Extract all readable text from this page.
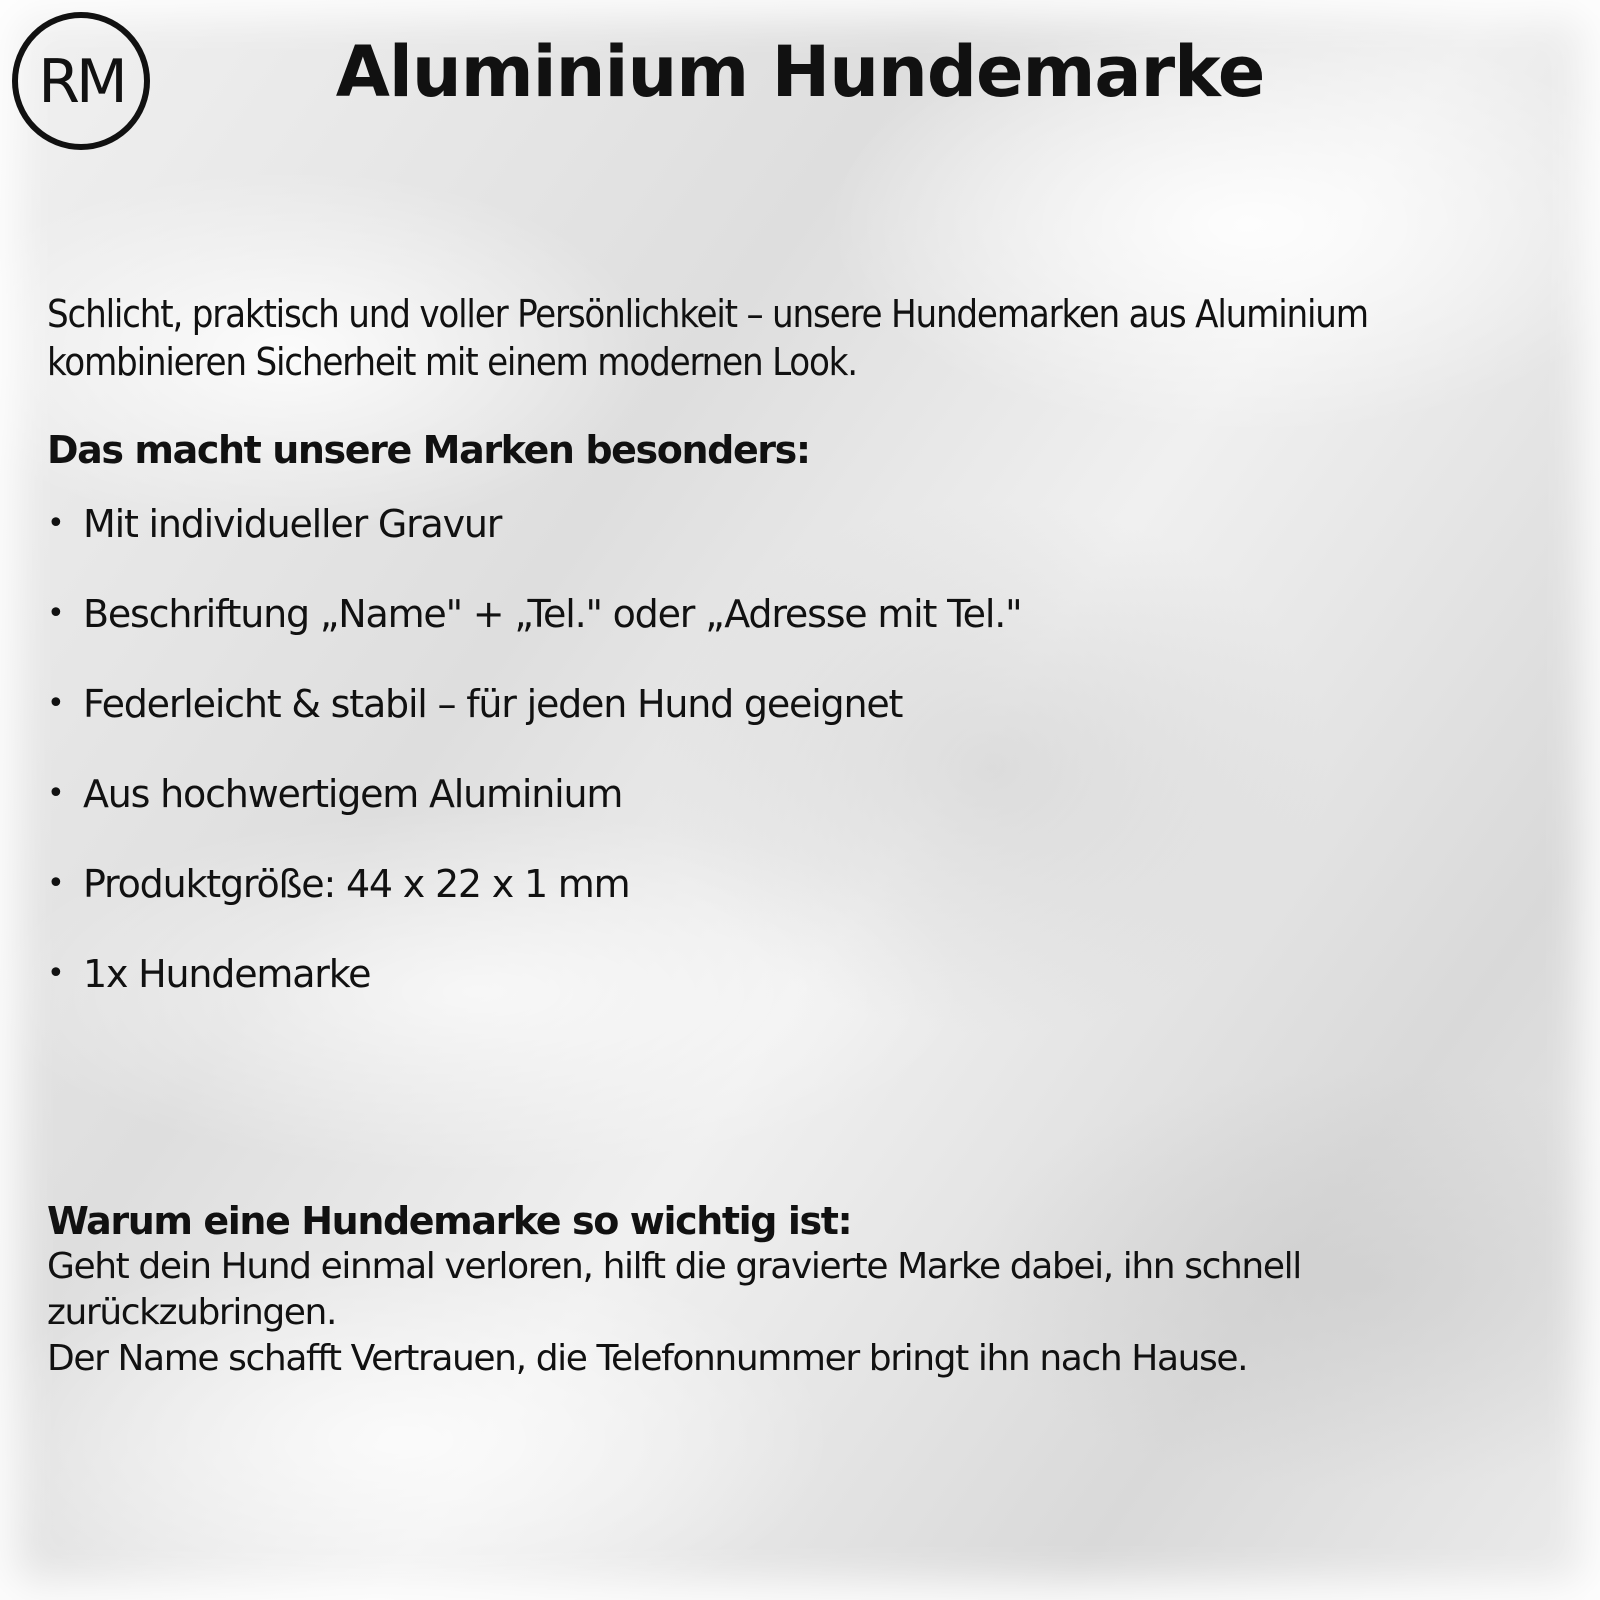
RM	Aluminium Hundemarke

Schlicht, praktisch und voller Persönlichkeit – unsere Hundemarken aus Aluminium
kombinieren Sicherheit mit einem modernen Look.

Das macht unsere Marken besonders:

• Mit individueller Gravur
• Beschriftung „Name" + „Tel." oder „Adresse mit Tel."
• Federleicht & stabil – für jeden Hund geeignet
• Aus hochwertigem Aluminium
• Produktgröße: 44 x 22 x 1 mm
• 1x Hundemarke

Warum eine Hundemarke so wichtig ist:

Geht dein Hund einmal verloren, hilft die gravierte Marke dabei, ihn schnell zurückzubringen.
Der Name schafft Vertrauen, die Telefonnummer bringt ihn nach Hause.
